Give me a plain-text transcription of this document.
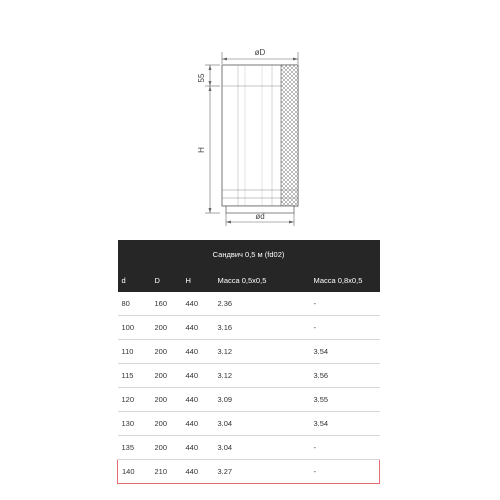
øD
55
H
ød
Сандвич 0,5 м (fd02)				
d	D	H	Масса 0,5х0,5	Масса 0,8х0,5
80	160	440	2.36	-
100	200	440	3.16	-
110	200	440	3.12	3.54
115	200	440	3.12	3.56
120	200	440	3.09	3.55
130	200	440	3.04	3.54
135	200	440	3.04	-
140	210	440	3.27	-
